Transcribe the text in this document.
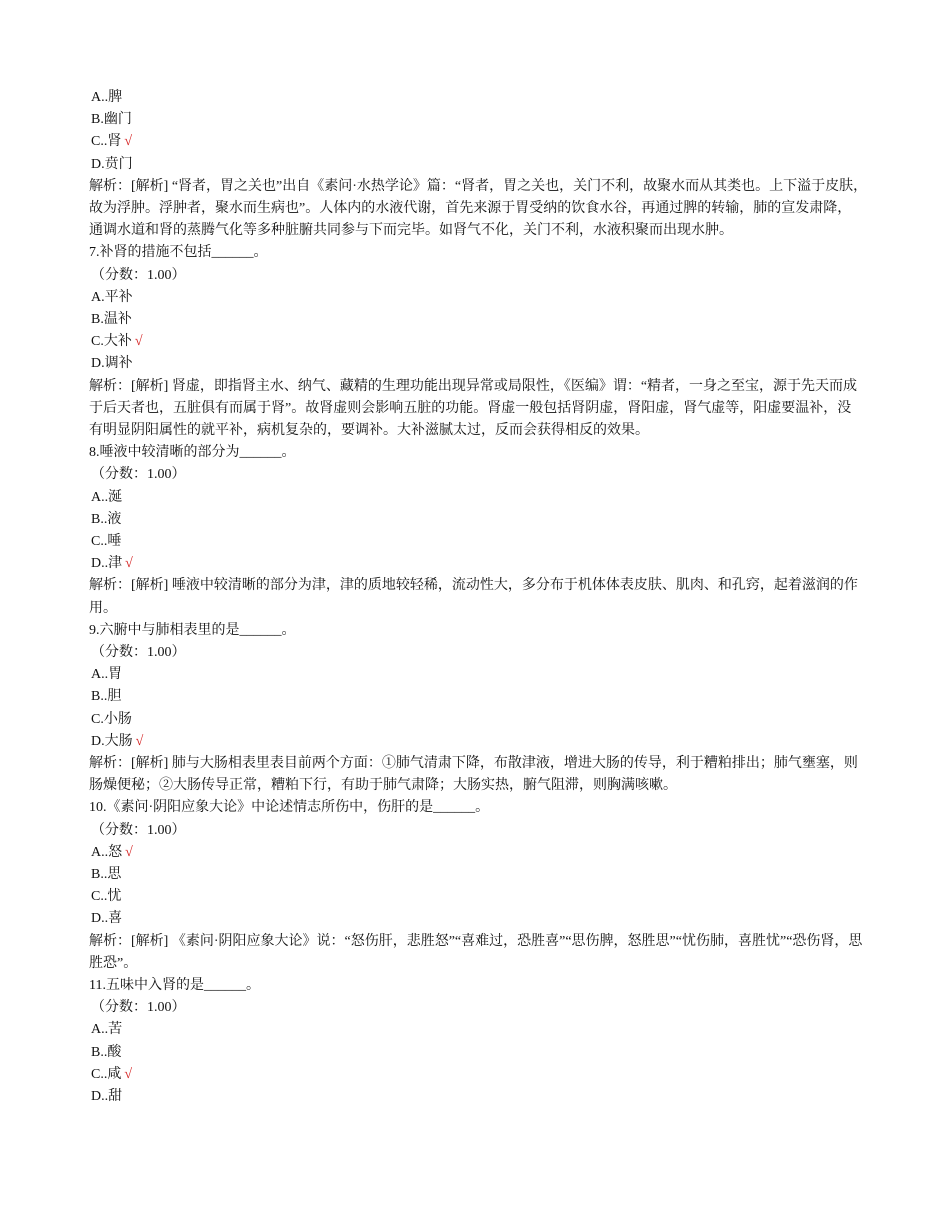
A..脾
B.幽门
C..肾 √
D.贲门
解析：[解析] “肾者，胃之关也”出自《素问·水热学论》篇：“肾者，胃之关也，关门不利，故聚水而从其类也。上下溢于皮肤，
故为浮肿。浮肿者，聚水而生病也”。人体内的水液代谢，首先来源于胃受纳的饮食水谷，再通过脾的转输，肺的宣发肃降，
通调水道和肾的蒸腾气化等多种脏腑共同参与下而完毕。如肾气不化，关门不利，水液积聚而出现水肿。
7.补肾的措施不包括______。
（分数：1.00）
A.平补
B.温补
C.大补 √
D.调补
解析：[解析] 肾虚，即指肾主水、纳气、藏精的生理功能出现异常或局限性，《医编》谓：“精者，一身之至宝，源于先天而成
于后天者也，五脏俱有而属于肾”。故肾虚则会影响五脏的功能。肾虚一般包括肾阴虚，肾阳虚，肾气虚等，阳虚要温补，没
有明显阴阳属性的就平补，病机复杂的，要调补。大补滋腻太过，反而会获得相反的效果。
8.唾液中较清晰的部分为______。
（分数：1.00）
A..涎
B..液
C..唾
D..津 √
解析：[解析] 唾液中较清晰的部分为津，津的质地较轻稀，流动性大，多分布于机体体表皮肤、肌肉、和孔窍，起着滋润的作
用。
9.六腑中与肺相表里的是______。
（分数：1.00）
A..胃
B..胆
C.小肠
D.大肠 √
解析：[解析] 肺与大肠相表里表目前两个方面：①肺气清肃下降，布散津液，增进大肠的传导，利于糟粕排出；肺气壅塞，则
肠燥便秘；②大肠传导正常，糟粕下行，有助于肺气肃降；大肠实热，腑气阻滞，则胸满咳嗽。
10.《素问·阴阳应象大论》中论述情志所伤中，伤肝的是______。
（分数：1.00）
A..怒 √
B..思
C..忧
D..喜
解析：[解析] 《素问·阴阳应象大论》说：“怒伤肝，悲胜怒”“喜难过，恐胜喜”“思伤脾，怒胜思”“忧伤肺，喜胜忧”“恐伤肾，思
胜恐”。
11.五味中入肾的是______。
（分数：1.00）
A..苦
B..酸
C..咸 √
D..甜
